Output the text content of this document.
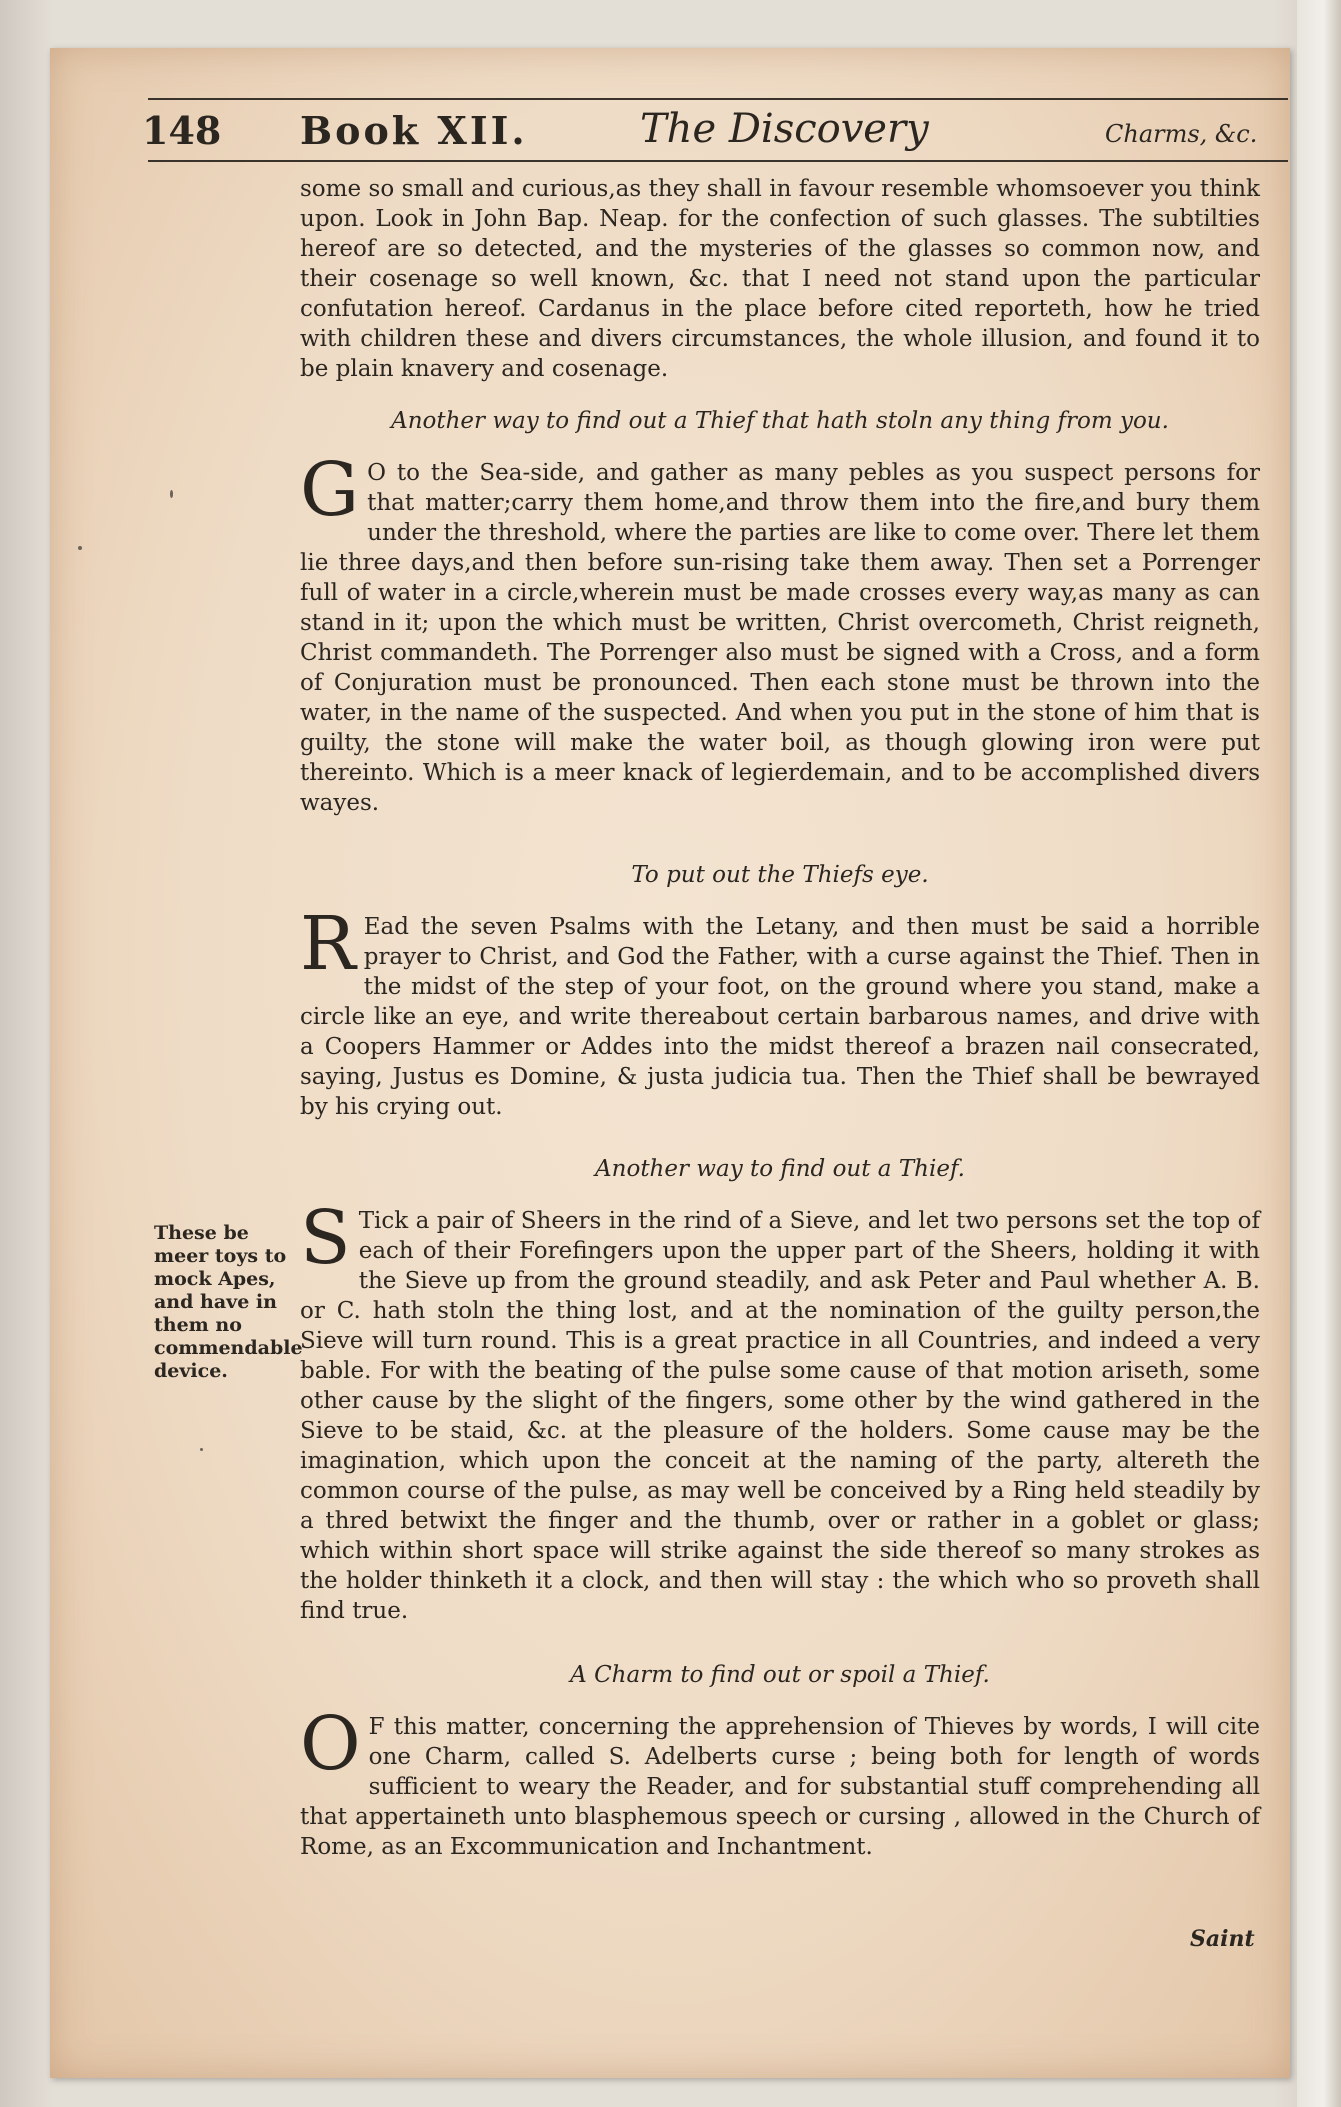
148 Book XII.	The Discovery	Charms, &c.
some so small and curious,as they shall in favour resemble whomsoever you think upon. Look in John Bap. Neap. for the confection of such glasses. The subtilties hereof are so detected, and the mysteries of the glasses so common now, and their cosenage so well known, &c. that I need not stand upon the particular confutation hereof. Cardanus in the place before cited reporteth, how he tried with children these and divers circumstances, the whole illusion, and found it to be plain knavery and cosenage.
Another way to find out a Thief that hath stoln any thing from you.
G O to the Sea-side, and gather as many pebles as you suspect persons for that matter;carry them home,and throw them into the fire,and bury them under the threshold, where the parties are like to come over. There let them lie three days,and then before sun-rising take them away. Then set a Porrenger full of water in a circle,wherein must be made crosses every way,as many as can stand in it; upon the which must be written, Christ overcometh, Christ reigneth, Christ commandeth. The Porrenger also must be signed with a Cross, and a form of Conjuration must be pronounced. Then each stone must be thrown into the water, in the name of the suspected. And when you put in the stone of him that is guilty, the stone will make the water boil, as though glowing iron were put thereinto. Which is a meer knack of legierdemain, and to be accomplished divers wayes.
To put out the Thiefs eye.
R Ead the seven Psalms with the Letany, and then must be said a horrible prayer to Christ, and God the Father, with a curse against the Thief. Then in the midst of the step of your foot, on the ground where you stand, make a circle like an eye, and write thereabout certain barbarous names, and drive with a Coopers Hammer or Addes into the midst thereof a brazen nail consecrated, saying, Justus es Domine, & justa judicia tua. Then the Thief shall be bewrayed by his crying out.
Another way to find out a Thief.
These be meer toys to mock Apes, and have in them no commendable device.
S Tick a pair of Sheers in the rind of a Sieve, and let two persons set the top of each of their Forefingers upon the upper part of the Sheers, holding it with the Sieve up from the ground steadily, and ask Peter and Paul whether A. B. or C. hath stoln the thing lost, and at the nomination of the guilty person,the Sieve will turn round. This is a great practice in all Countries, and indeed a very bable. For with the beating of the pulse some cause of that motion ariseth, some other cause by the slight of the fingers, some other by the wind gathered in the Sieve to be staid, &c. at the pleasure of the holders. Some cause may be the imagination, which upon the conceit at the naming of the party, altereth the common course of the pulse, as may well be conceived by a Ring held steadily by a thred betwixt the finger and the thumb, over or rather in a goblet or glass; which within short space will strike against the side thereof so many strokes as the holder thinketh it a clock, and then will stay : the which who so proveth shall find true.
A Charm to find out or spoil a Thief.
O F this matter, concerning the apprehension of Thieves by words, I will cite one Charm, called S. Adelberts curse ; being both for length of words sufficient to weary the Reader, and for substantial stuff comprehending all that appertaineth unto blasphemous speech or cursing , allowed in the Church of Rome, as an Excommunication and Inchantment.
Saint
